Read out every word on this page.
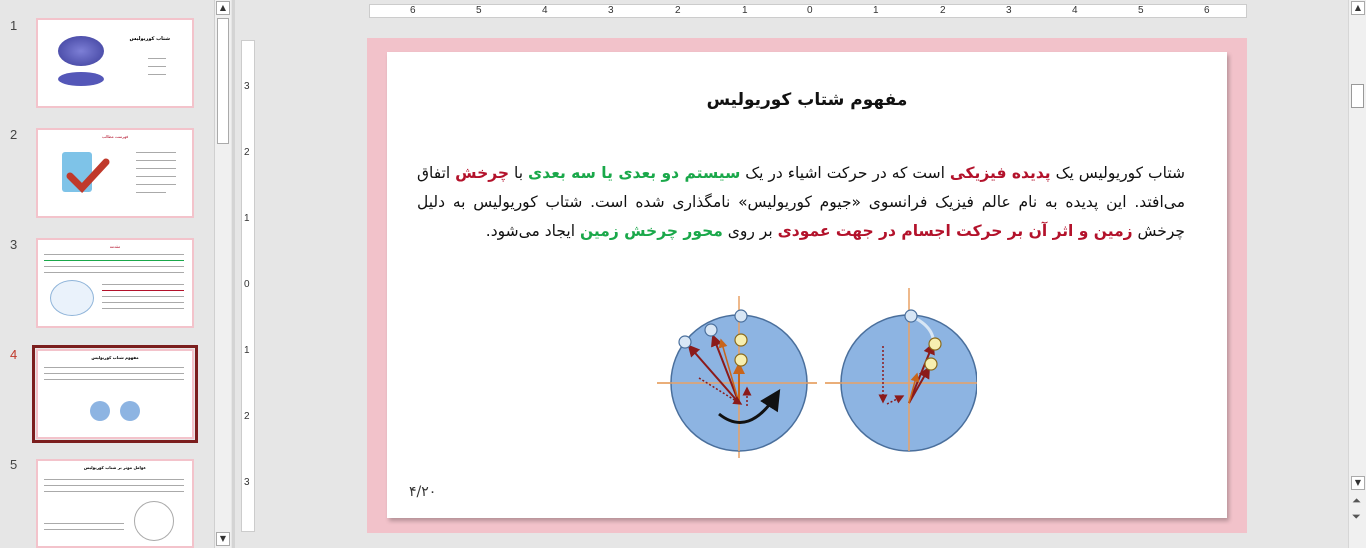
1
شتاب کوریولیس
2	فهرست مطالب
3	مقدمه
4	مفهوم شتاب کوریولیس
5	عوامل موثر بر شتاب کوریولیس
▲
▼
6	5	4	3	2	1	0	1	2	3	4	5	6
3
2
1
0
1
2
3
مفهوم شتاب کوریولیس
شتاب کوریولیس یک پدیده فیزیکی است که در حرکت اشیاء در یک سیستم دو بعدی یا سه بعدی با چرخش اتفاق می‌افتد. این پدیده به نام عالم فیزیک فرانسوی «جیوم کوریولیس» نامگذاری شده است. شتاب کوریولیس به دلیل چرخش زمین و اثر آن بر حرکت اجسام در جهت عمودی بر روی محور چرخش زمین ایجاد می‌شود.
۴/۲۰
▲
▼
⏶
⏷
